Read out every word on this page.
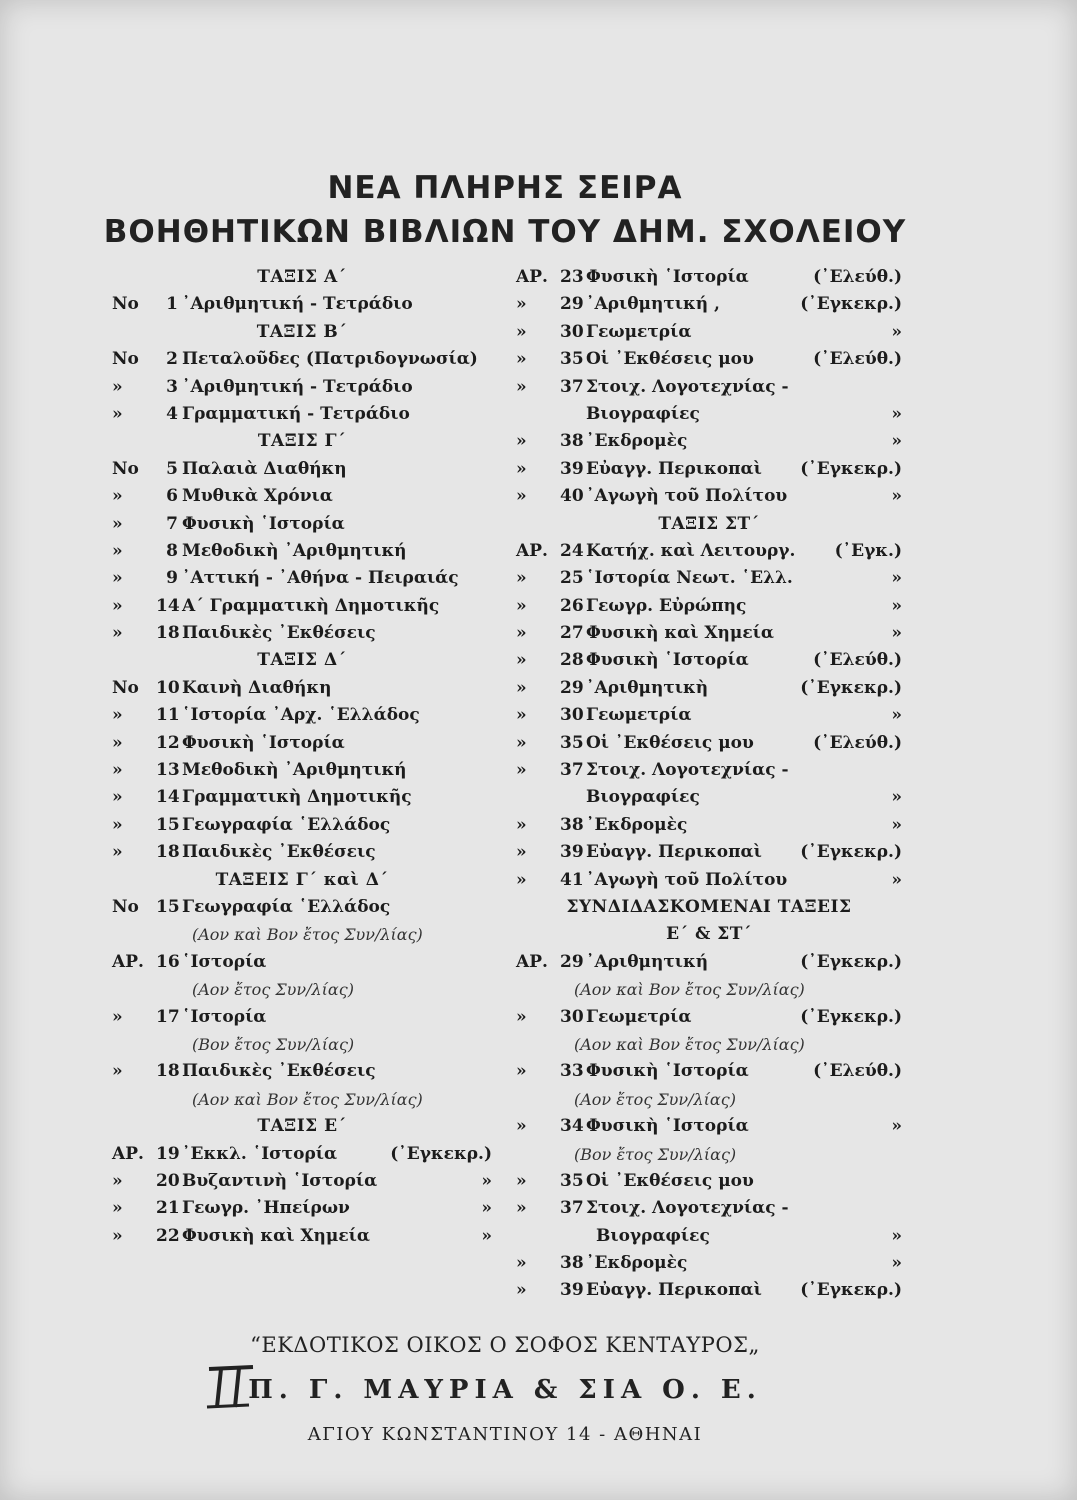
ΝΕΑ ΠΛΗΡΗΣ ΣΕΙΡΑ
ΒΟΗΘΗΤΙΚΩΝ ΒΙΒΛΙΩΝ ΤΟΥ ΔΗΜ. ΣΧΟΛΕΙΟΥ
ΤΑΞΙΣ Α΄
Νο 1 ᾽Αριθμητική - Τετράδιο
ΤΑΞΙΣ Β΄
Νο 2 Πεταλοῦδες (Πατριδογνωσία)
»	3 ᾽Αριθμητική - Τετράδιο
»	4 Γραμματική - Τετράδιο
ΤΑΞΙΣ Γ΄
Νο 5 Παλαιὰ Διαθήκη
»	6 Μυθικὰ Χρόνια
»	7 Φυσικὴ ῾Ιστορία
»	8 Μεθοδικὴ ᾽Αριθμητική
»	9 ᾽Αττική - ᾽Αθήνα - Πειραιάς
» 14 Α΄ Γραμματικὴ Δημοτικῆς
» 18 Παιδικὲς ᾽Εκθέσεις
ΤΑΞΙΣ Δ΄
Νο 10 Καινὴ Διαθήκη
» 11 ῾Ιστορία ᾽Αρχ. ῾Ελλάδος
» 12 Φυσικὴ ῾Ιστορία
» 13 Μεθοδικὴ ᾽Αριθμητική
» 14 Γραμματικὴ Δημοτικῆς
» 15 Γεωγραφία ῾Ελλάδος
» 18 Παιδικὲς ᾽Εκθέσεις
ΤΑΞΕΙΣ Γ΄ καὶ Δ΄
Νο 15 Γεωγραφία ῾Ελλάδος
(Αον καὶ Βον ἔτος Συν/λίας)
ΑΡ. 16 ῾Ιστορία
(Αον ἔτος Συν/λίας)
» 17 ῾Ιστορία
(Βον ἔτος Συν/λίας)
» 18 Παιδικὲς ᾽Εκθέσεις
(Αον καὶ Βον ἔτος Συν/λίας)
ΤΑΞΙΣ Ε΄
ΑΡ. 19 ᾽Εκκλ. ῾Ιστορία	(᾽Εγκεκρ.)
» 20 Βυζαντινὴ ῾Ιστορία	»
» 21 Γεωγρ. ᾽Ηπείρων	»
» 22 Φυσικὴ καὶ Χημεία	»
ΑΡ. 23 Φυσικὴ ῾Ιστορία	(᾽Ελεύθ.)
» 29 ᾽Αριθμητική ,	(᾽Εγκεκρ.)
» 30 Γεωμετρία	»
» 35 Οἱ ᾽Εκθέσεις μου	(᾽Ελεύθ.)
» 37 Στοιχ. Λογοτεχνίας -
Βιογραφίες	»
» 38 ᾽Εκδρομὲς	»
» 39 Εὐαγγ. Περικοπαὶ (᾽Εγκεκρ.)
» 40 ᾽Αγωγὴ τοῦ Πολίτου	»
ΤΑΞΙΣ ΣΤ΄
ΑΡ. 24 Κατήχ. καὶ Λειτουργ. (᾽Εγκ.)
» 25 ῾Ιστορία Νεωτ. ῾Ελλ.	»
» 26 Γεωγρ. Εὐρώπης	»
» 27 Φυσικὴ καὶ Χημεία	»
» 28 Φυσικὴ ῾Ιστορία	(᾽Ελεύθ.)
» 29 ᾽Αριθμητικὴ	(᾽Εγκεκρ.)
» 30 Γεωμετρία	»
» 35 Οἱ ᾽Εκθέσεις μου	(᾽Ελεύθ.)
» 37 Στοιχ. Λογοτεχνίας -
Βιογραφίες	»
» 38 ᾽Εκδρομὲς	»
» 39 Εὐαγγ. Περικοπαὶ (᾽Εγκεκρ.)
» 41 ᾽Αγωγὴ τοῦ Πολίτου	»
ΣΥΝΔΙΔΑΣΚΟΜΕΝΑΙ ΤΑΞΕΙΣ
Ε΄ & ΣΤ΄
ΑΡ. 29 ᾽Αριθμητική	(᾽Εγκεκρ.)
(Αον καὶ Βον ἔτος Συν/λίας)
» 30 Γεωμετρία	(᾽Εγκεκρ.)
(Αον καὶ Βον ἔτος Συν/λίας)
» 33 Φυσικὴ ῾Ιστορία	(᾽Ελεύθ.)
(Αον ἔτος Συν/λίας)
» 34 Φυσικὴ ῾Ιστορία	»
(Βον ἔτος Συν/λίας)
» 35 Οἱ ᾽Εκθέσεις μου
» 37 Στοιχ. Λογοτεχνίας -
Βιογραφίες	»
» 38 ᾽Εκδρομὲς	»
» 39 Εὐαγγ. Περικοπαὶ (᾽Εγκεκρ.)
“ΕΚΔΟΤΙΚΟΣ ΟΙΚΟΣ Ο ΣΟΦΟΣ ΚΕΝΤΑΥΡΟΣ„
Π. Γ. ΜΑΥΡΙΑ & ΣΙΑ Ο. Ε.
ΑΓΙΟΥ ΚΩΝΣΤΑΝΤΙΝΟΥ 14 - ΑΘΗΝΑΙ
